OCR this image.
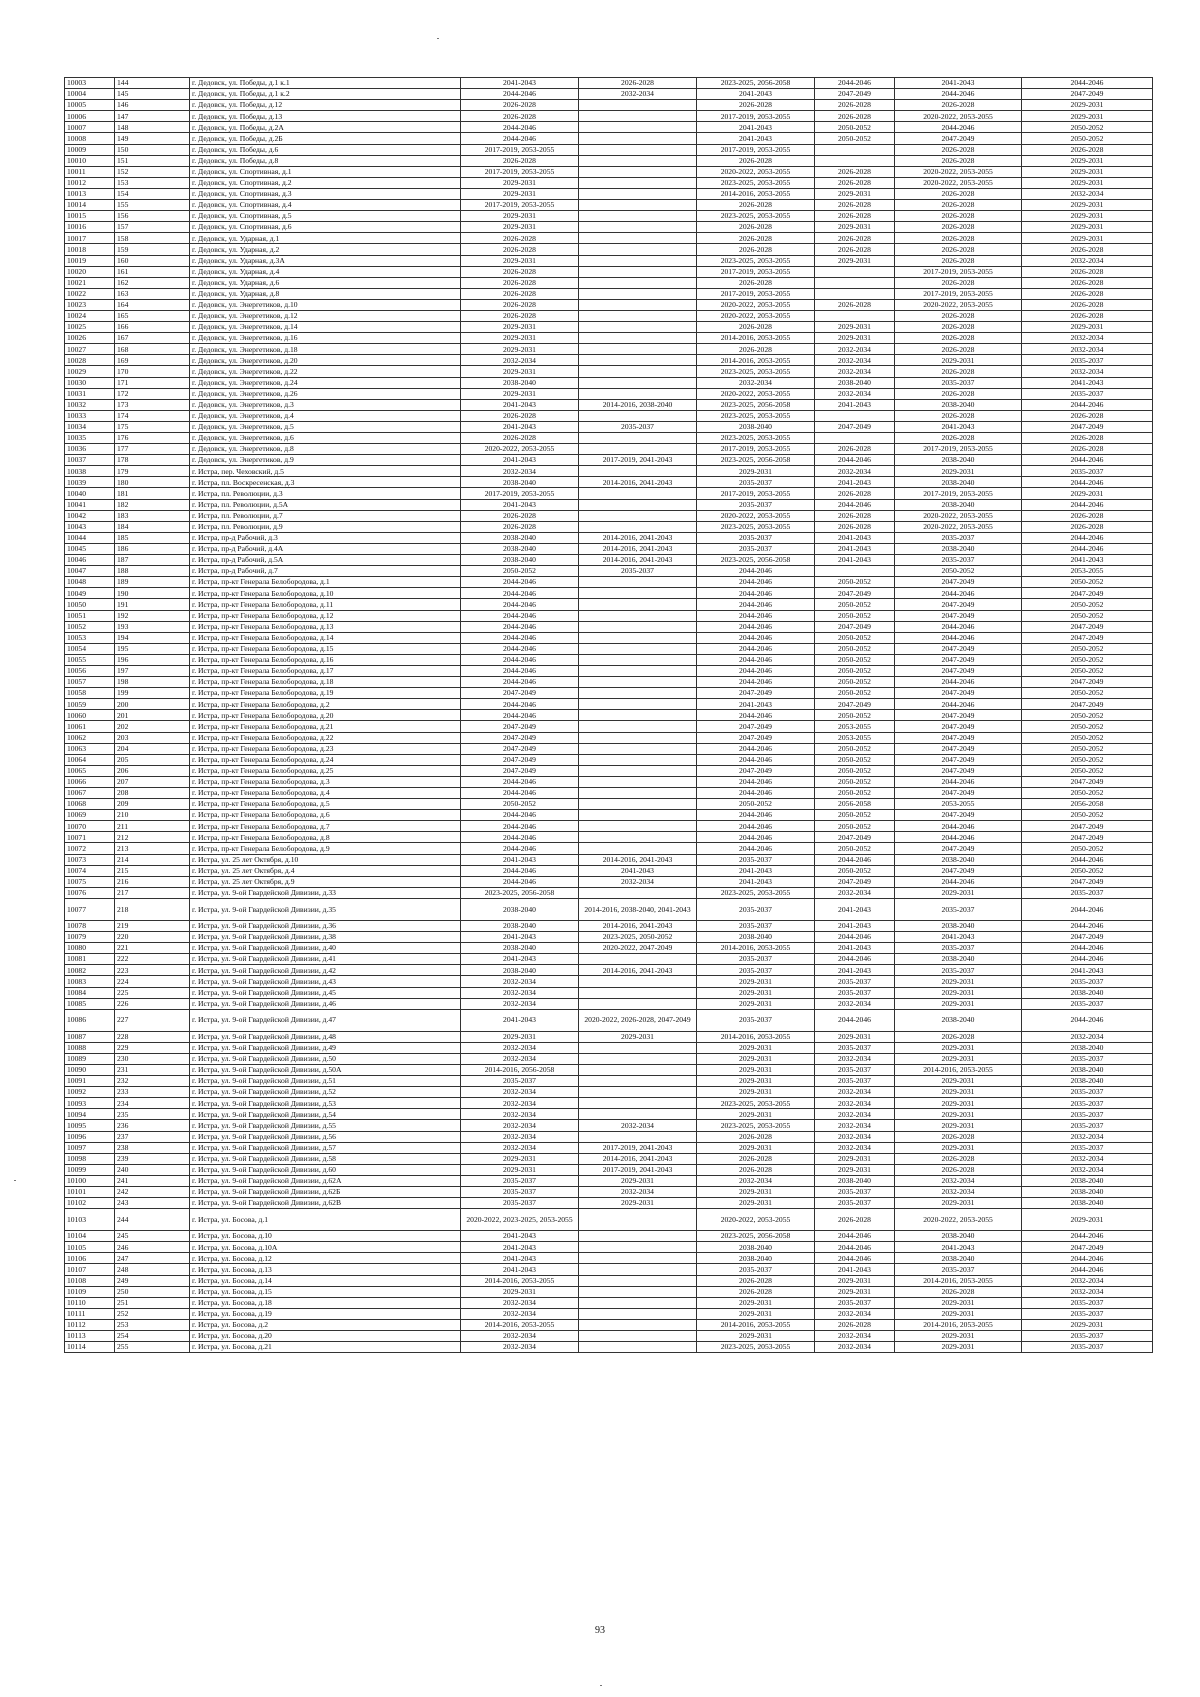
10003	144	г. Дедовск, ул. Победы, д.1 к.1	2041-2043	2026-2028	2023-2025, 2056-2058	2044-2046	2041-2043	2044-2046
10004	145	г. Дедовск, ул. Победы, д.1 к.2	2044-2046	2032-2034	2041-2043	2047-2049	2044-2046	2047-2049
10005	146	г. Дедовск, ул. Победы, д.12	2026-2028		2026-2028	2026-2028	2026-2028	2029-2031
10006	147	г. Дедовск, ул. Победы, д.13	2026-2028		2017-2019, 2053-2055	2026-2028	2020-2022, 2053-2055	2029-2031
10007	148	г. Дедовск, ул. Победы, д.2А	2044-2046		2041-2043	2050-2052	2044-2046	2050-2052
10008	149	г. Дедовск, ул. Победы, д.2Б	2044-2046		2041-2043	2050-2052	2047-2049	2050-2052
10009	150	г. Дедовск, ул. Победы, д.6	2017-2019, 2053-2055		2017-2019, 2053-2055		2026-2028	2026-2028
10010	151	г. Дедовск, ул. Победы, д.8	2026-2028		2026-2028		2026-2028	2029-2031
10011	152	г. Дедовск, ул. Спортивная, д.1	2017-2019, 2053-2055		2020-2022, 2053-2055	2026-2028	2020-2022, 2053-2055	2029-2031
10012	153	г. Дедовск, ул. Спортивная, д.2	2029-2031		2023-2025, 2053-2055	2026-2028	2020-2022, 2053-2055	2029-2031
10013	154	г. Дедовск, ул. Спортивная, д.3	2029-2031		2014-2016, 2053-2055	2029-2031	2026-2028	2032-2034
10014	155	г. Дедовск, ул. Спортивная, д.4	2017-2019, 2053-2055		2026-2028	2026-2028	2026-2028	2029-2031
10015	156	г. Дедовск, ул. Спортивная, д.5	2029-2031		2023-2025, 2053-2055	2026-2028	2026-2028	2029-2031
10016	157	г. Дедовск, ул. Спортивная, д.6	2029-2031		2026-2028	2029-2031	2026-2028	2029-2031
10017	158	г. Дедовск, ул. Ударная, д.1	2026-2028		2026-2028	2026-2028	2026-2028	2029-2031
10018	159	г. Дедовск, ул. Ударная, д.2	2026-2028		2026-2028	2026-2028	2026-2028	2026-2028
10019	160	г. Дедовск, ул. Ударная, д.3А	2029-2031		2023-2025, 2053-2055	2029-2031	2026-2028	2032-2034
10020	161	г. Дедовск, ул. Ударная, д.4	2026-2028		2017-2019, 2053-2055		2017-2019, 2053-2055	2026-2028
10021	162	г. Дедовск, ул. Ударная, д.6	2026-2028		2026-2028		2026-2028	2026-2028
10022	163	г. Дедовск, ул. Ударная, д.8	2026-2028		2017-2019, 2053-2055		2017-2019, 2053-2055	2026-2028
10023	164	г. Дедовск, ул. Энергетиков, д.10	2026-2028		2020-2022, 2053-2055	2026-2028	2020-2022, 2053-2055	2026-2028
10024	165	г. Дедовск, ул. Энергетиков, д.12	2026-2028		2020-2022, 2053-2055		2026-2028	2026-2028
10025	166	г. Дедовск, ул. Энергетиков, д.14	2029-2031		2026-2028	2029-2031	2026-2028	2029-2031
10026	167	г. Дедовск, ул. Энергетиков, д.16	2029-2031		2014-2016, 2053-2055	2029-2031	2026-2028	2032-2034
10027	168	г. Дедовск, ул. Энергетиков, д.18	2029-2031		2026-2028	2032-2034	2026-2028	2032-2034
10028	169	г. Дедовск, ул. Энергетиков, д.20	2032-2034		2014-2016, 2053-2055	2032-2034	2029-2031	2035-2037
10029	170	г. Дедовск, ул. Энергетиков, д.22	2029-2031		2023-2025, 2053-2055	2032-2034	2026-2028	2032-2034
10030	171	г. Дедовск, ул. Энергетиков, д.24	2038-2040		2032-2034	2038-2040	2035-2037	2041-2043
10031	172	г. Дедовск, ул. Энергетиков, д.26	2029-2031		2020-2022, 2053-2055	2032-2034	2026-2028	2035-2037
10032	173	г. Дедовск, ул. Энергетиков, д.3	2041-2043	2014-2016, 2038-2040	2023-2025, 2056-2058	2041-2043	2038-2040	2044-2046
10033	174	г. Дедовск, ул. Энергетиков, д.4	2026-2028		2023-2025, 2053-2055		2026-2028	2026-2028
10034	175	г. Дедовск, ул. Энергетиков, д.5	2041-2043	2035-2037	2038-2040	2047-2049	2041-2043	2047-2049
10035	176	г. Дедовск, ул. Энергетиков, д.6	2026-2028		2023-2025, 2053-2055		2026-2028	2026-2028
10036	177	г. Дедовск, ул. Энергетиков, д.8	2020-2022, 2053-2055		2017-2019, 2053-2055	2026-2028	2017-2019, 2053-2055	2026-2028
10037	178	г. Дедовск, ул. Энергетиков, д.9	2041-2043	2017-2019, 2041-2043	2023-2025, 2056-2058	2044-2046	2038-2040	2044-2046
10038	179	г. Истра, пер. Чеховский, д.5	2032-2034		2029-2031	2032-2034	2029-2031	2035-2037
10039	180	г. Истра, пл. Воскресенская, д.3	2038-2040	2014-2016, 2041-2043	2035-2037	2041-2043	2038-2040	2044-2046
10040	181	г. Истра, пл. Революции, д.3	2017-2019, 2053-2055		2017-2019, 2053-2055	2026-2028	2017-2019, 2053-2055	2029-2031
10041	182	г. Истра, пл. Революции, д.5А	2041-2043		2035-2037	2044-2046	2038-2040	2044-2046
10042	183	г. Истра, пл. Революции, д.7	2026-2028		2020-2022, 2053-2055	2026-2028	2020-2022, 2053-2055	2026-2028
10043	184	г. Истра, пл. Революции, д.9	2026-2028		2023-2025, 2053-2055	2026-2028	2020-2022, 2053-2055	2026-2028
10044	185	г. Истра, пр-д Рабочий, д.3	2038-2040	2014-2016, 2041-2043	2035-2037	2041-2043	2035-2037	2044-2046
10045	186	г. Истра, пр-д Рабочий, д.4А	2038-2040	2014-2016, 2041-2043	2035-2037	2041-2043	2038-2040	2044-2046
10046	187	г. Истра, пр-д Рабочий, д.5А	2038-2040	2014-2016, 2041-2043	2023-2025, 2056-2058	2041-2043	2035-2037	2041-2043
10047	188	г. Истра, пр-д Рабочий, д.7	2050-2052	2035-2037	2044-2046		2050-2052	2053-2055
10048	189	г. Истра, пр-кт Генерала Белобородова, д.1	2044-2046		2044-2046	2050-2052	2047-2049	2050-2052
10049	190	г. Истра, пр-кт Генерала Белобородова, д.10	2044-2046		2044-2046	2047-2049	2044-2046	2047-2049
10050	191	г. Истра, пр-кт Генерала Белобородова, д.11	2044-2046		2044-2046	2050-2052	2047-2049	2050-2052
10051	192	г. Истра, пр-кт Генерала Белобородова, д.12	2044-2046		2044-2046	2050-2052	2047-2049	2050-2052
10052	193	г. Истра, пр-кт Генерала Белобородова, д.13	2044-2046		2044-2046	2047-2049	2044-2046	2047-2049
10053	194	г. Истра, пр-кт Генерала Белобородова, д.14	2044-2046		2044-2046	2050-2052	2044-2046	2047-2049
10054	195	г. Истра, пр-кт Генерала Белобородова, д.15	2044-2046		2044-2046	2050-2052	2047-2049	2050-2052
10055	196	г. Истра, пр-кт Генерала Белобородова, д.16	2044-2046		2044-2046	2050-2052	2047-2049	2050-2052
10056	197	г. Истра, пр-кт Генерала Белобородова, д.17	2044-2046		2044-2046	2050-2052	2047-2049	2050-2052
10057	198	г. Истра, пр-кт Генерала Белобородова, д.18	2044-2046		2044-2046	2050-2052	2044-2046	2047-2049
10058	199	г. Истра, пр-кт Генерала Белобородова, д.19	2047-2049		2047-2049	2050-2052	2047-2049	2050-2052
10059	200	г. Истра, пр-кт Генерала Белобородова, д.2	2044-2046		2041-2043	2047-2049	2044-2046	2047-2049
10060	201	г. Истра, пр-кт Генерала Белобородова, д.20	2044-2046		2044-2046	2050-2052	2047-2049	2050-2052
10061	202	г. Истра, пр-кт Генерала Белобородова, д.21	2047-2049		2047-2049	2053-2055	2047-2049	2050-2052
10062	203	г. Истра, пр-кт Генерала Белобородова, д.22	2047-2049		2047-2049	2053-2055	2047-2049	2050-2052
10063	204	г. Истра, пр-кт Генерала Белобородова, д.23	2047-2049		2044-2046	2050-2052	2047-2049	2050-2052
10064	205	г. Истра, пр-кт Генерала Белобородова, д.24	2047-2049		2044-2046	2050-2052	2047-2049	2050-2052
10065	206	г. Истра, пр-кт Генерала Белобородова, д.25	2047-2049		2047-2049	2050-2052	2047-2049	2050-2052
10066	207	г. Истра, пр-кт Генерала Белобородова, д.3	2044-2046		2044-2046	2050-2052	2044-2046	2047-2049
10067	208	г. Истра, пр-кт Генерала Белобородова, д.4	2044-2046		2044-2046	2050-2052	2047-2049	2050-2052
10068	209	г. Истра, пр-кт Генерала Белобородова, д.5	2050-2052		2050-2052	2056-2058	2053-2055	2056-2058
10069	210	г. Истра, пр-кт Генерала Белобородова, д.6	2044-2046		2044-2046	2050-2052	2047-2049	2050-2052
10070	211	г. Истра, пр-кт Генерала Белобородова, д.7	2044-2046		2044-2046	2050-2052	2044-2046	2047-2049
10071	212	г. Истра, пр-кт Генерала Белобородова, д.8	2044-2046		2044-2046	2047-2049	2044-2046	2047-2049
10072	213	г. Истра, пр-кт Генерала Белобородова, д.9	2044-2046		2044-2046	2050-2052	2047-2049	2050-2052
10073	214	г. Истра, ул. 25 лет Октября, д.10	2041-2043	2014-2016, 2041-2043	2035-2037	2044-2046	2038-2040	2044-2046
10074	215	г. Истра, ул. 25 лет Октября, д.4	2044-2046	2041-2043	2041-2043	2050-2052	2047-2049	2050-2052
10075	216	г. Истра, ул. 25 лет Октября, д.9	2044-2046	2032-2034	2041-2043	2047-2049	2044-2046	2047-2049
10076	217	г. Истра, ул. 9-ой Гвардейской Дивизии, д.33	2023-2025, 2056-2058		2023-2025, 2053-2055	2032-2034	2029-2031	2035-2037
10077	218	г. Истра, ул. 9-ой Гвардейской Дивизии, д.35	2038-2040	2014-2016, 2038-2040, 2041-2043	2035-2037	2041-2043	2035-2037	2044-2046
10078	219	г. Истра, ул. 9-ой Гвардейской Дивизии, д.36	2038-2040	2014-2016, 2041-2043	2035-2037	2041-2043	2038-2040	2044-2046
10079	220	г. Истра, ул. 9-ой Гвардейской Дивизии, д.38	2041-2043	2023-2025, 2050-2052	2038-2040	2044-2046	2041-2043	2047-2049
10080	221	г. Истра, ул. 9-ой Гвардейской Дивизии, д.40	2038-2040	2020-2022, 2047-2049	2014-2016, 2053-2055	2041-2043	2035-2037	2044-2046
10081	222	г. Истра, ул. 9-ой Гвардейской Дивизии, д.41	2041-2043		2035-2037	2044-2046	2038-2040	2044-2046
10082	223	г. Истра, ул. 9-ой Гвардейской Дивизии, д.42	2038-2040	2014-2016, 2041-2043	2035-2037	2041-2043	2035-2037	2041-2043
10083	224	г. Истра, ул. 9-ой Гвардейской Дивизии, д.43	2032-2034		2029-2031	2035-2037	2029-2031	2035-2037
10084	225	г. Истра, ул. 9-ой Гвардейской Дивизии, д.45	2032-2034		2029-2031	2035-2037	2029-2031	2038-2040
10085	226	г. Истра, ул. 9-ой Гвардейской Дивизии, д.46	2032-2034		2029-2031	2032-2034	2029-2031	2035-2037
10086	227	г. Истра, ул. 9-ой Гвардейской Дивизии, д.47	2041-2043	2020-2022, 2026-2028, 2047-2049	2035-2037	2044-2046	2038-2040	2044-2046
10087	228	г. Истра, ул. 9-ой Гвардейской Дивизии, д.48	2029-2031	2029-2031	2014-2016, 2053-2055	2029-2031	2026-2028	2032-2034
10088	229	г. Истра, ул. 9-ой Гвардейской Дивизии, д.49	2032-2034		2029-2031	2035-2037	2029-2031	2038-2040
10089	230	г. Истра, ул. 9-ой Гвардейской Дивизии, д.50	2032-2034		2029-2031	2032-2034	2029-2031	2035-2037
10090	231	г. Истра, ул. 9-ой Гвардейской Дивизии, д.50А	2014-2016, 2056-2058		2029-2031	2035-2037	2014-2016, 2053-2055	2038-2040
10091	232	г. Истра, ул. 9-ой Гвардейской Дивизии, д.51	2035-2037		2029-2031	2035-2037	2029-2031	2038-2040
10092	233	г. Истра, ул. 9-ой Гвардейской Дивизии, д.52	2032-2034		2029-2031	2032-2034	2029-2031	2035-2037
10093	234	г. Истра, ул. 9-ой Гвардейской Дивизии, д.53	2032-2034		2023-2025, 2053-2055	2032-2034	2029-2031	2035-2037
10094	235	г. Истра, ул. 9-ой Гвардейской Дивизии, д.54	2032-2034		2029-2031	2032-2034	2029-2031	2035-2037
10095	236	г. Истра, ул. 9-ой Гвардейской Дивизии, д.55	2032-2034	2032-2034	2023-2025, 2053-2055	2032-2034	2029-2031	2035-2037
10096	237	г. Истра, ул. 9-ой Гвардейской Дивизии, д.56	2032-2034		2026-2028	2032-2034	2026-2028	2032-2034
10097	238	г. Истра, ул. 9-ой Гвардейской Дивизии, д.57	2032-2034	2017-2019, 2041-2043	2029-2031	2032-2034	2029-2031	2035-2037
10098	239	г. Истра, ул. 9-ой Гвардейской Дивизии, д.58	2029-2031	2014-2016, 2041-2043	2026-2028	2029-2031	2026-2028	2032-2034
10099	240	г. Истра, ул. 9-ой Гвардейской Дивизии, д.60	2029-2031	2017-2019, 2041-2043	2026-2028	2029-2031	2026-2028	2032-2034
10100	241	г. Истра, ул. 9-ой Гвардейской Дивизии, д.62А	2035-2037	2029-2031	2032-2034	2038-2040	2032-2034	2038-2040
10101	242	г. Истра, ул. 9-ой Гвардейской Дивизии, д.62Б	2035-2037	2032-2034	2029-2031	2035-2037	2032-2034	2038-2040
10102	243	г. Истра, ул. 9-ой Гвардейской Дивизии, д.62В	2035-2037	2029-2031	2029-2031	2035-2037	2029-2031	2038-2040
10103	244	г. Истра, ул. Босова, д.1	2020-2022, 2023-2025, 2053-2055		2020-2022, 2053-2055	2026-2028	2020-2022, 2053-2055	2029-2031
10104	245	г. Истра, ул. Босова, д.10	2041-2043		2023-2025, 2056-2058	2044-2046	2038-2040	2044-2046
10105	246	г. Истра, ул. Босова, д.10А	2041-2043		2038-2040	2044-2046	2041-2043	2047-2049
10106	247	г. Истра, ул. Босова, д.12	2041-2043		2038-2040	2044-2046	2038-2040	2044-2046
10107	248	г. Истра, ул. Босова, д.13	2041-2043		2035-2037	2041-2043	2035-2037	2044-2046
10108	249	г. Истра, ул. Босова, д.14	2014-2016, 2053-2055		2026-2028	2029-2031	2014-2016, 2053-2055	2032-2034
10109	250	г. Истра, ул. Босова, д.15	2029-2031		2026-2028	2029-2031	2026-2028	2032-2034
10110	251	г. Истра, ул. Босова, д.18	2032-2034		2029-2031	2035-2037	2029-2031	2035-2037
10111	252	г. Истра, ул. Босова, д.19	2032-2034		2029-2031	2032-2034	2029-2031	2035-2037
10112	253	г. Истра, ул. Босова, д.2	2014-2016, 2053-2055		2014-2016, 2053-2055	2026-2028	2014-2016, 2053-2055	2029-2031
10113	254	г. Истра, ул. Босова, д.20	2032-2034		2029-2031	2032-2034	2029-2031	2035-2037
10114	255	г. Истра, ул. Босова, д.21	2032-2034		2023-2025, 2053-2055	2032-2034	2029-2031	2035-2037
93
